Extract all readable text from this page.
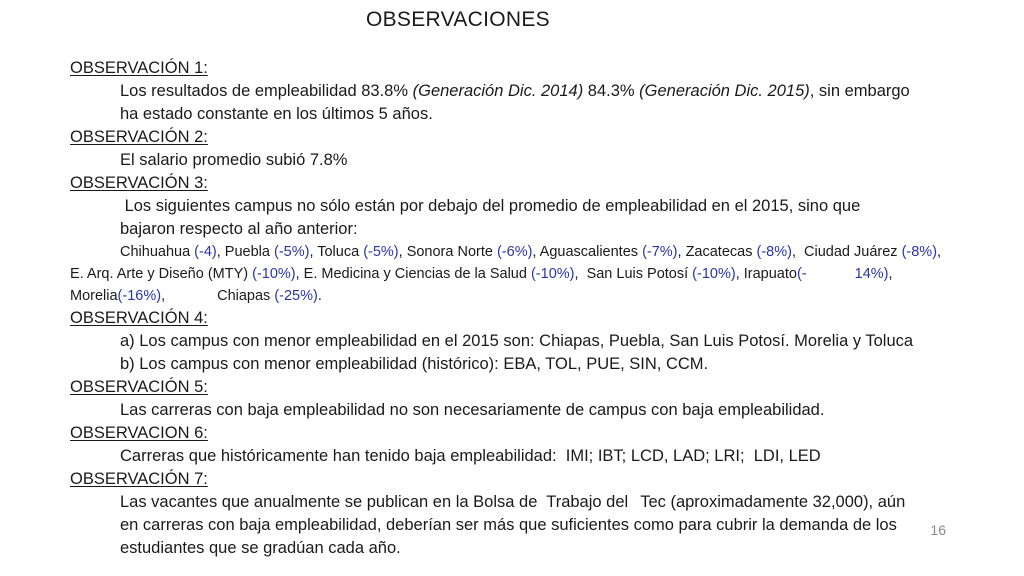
OBSERVACIONES
OBSERVACIÓN 1:
Los resultados de empleabilidad 83.8% (Generación Dic. 2014) 84.3% (Generación Dic. 2015), sin embargo
ha estado constante en los últimos 5 años.
OBSERVACIÓN 2:
El salario promedio subió 7.8%
OBSERVACIÓN 3:
Los siguientes campus no sólo están por debajo del promedio de empleabilidad en el 2015, sino que
bajaron respecto al año anterior:
Chihuahua (-4), Puebla (-5%), Toluca (-5%), Sonora Norte (-6%), Aguascalientes (-7%), Zacatecas (-8%),  Ciudad Juárez (-8%),
E. Arq. Arte y Diseño (MTY) (-10%), E. Medicina y Ciencias de la Salud (-10%),  San Luis Potosí (-10%), Irapuato(-	14%),
Morelia(-16%),	Chiapas (-25%).
OBSERVACIÓN 4:
a) Los campus con menor empleabilidad en el 2015 son: Chiapas, Puebla, San Luis Potosí. Morelia y Toluca
b) Los campus con menor empleabilidad (histórico): EBA, TOL, PUE, SIN, CCM.
OBSERVACIÓN 5:
Las carreras con baja empleabilidad no son necesariamente de campus con baja empleabilidad.
OBSERVACION 6:
Carreras que históricamente han tenido baja empleabilidad:  IMI; IBT; LCD, LAD; LRI;  LDI, LED
OBSERVACIÓN 7:
Las vacantes que anualmente se publican en la Bolsa de  Trabajo del Tec (aproximadamente 32,000), aún
en carreras con baja empleabilidad, deberían ser más que suficientes como para cubrir la demanda de los
estudiantes que se gradúan cada año.
16
